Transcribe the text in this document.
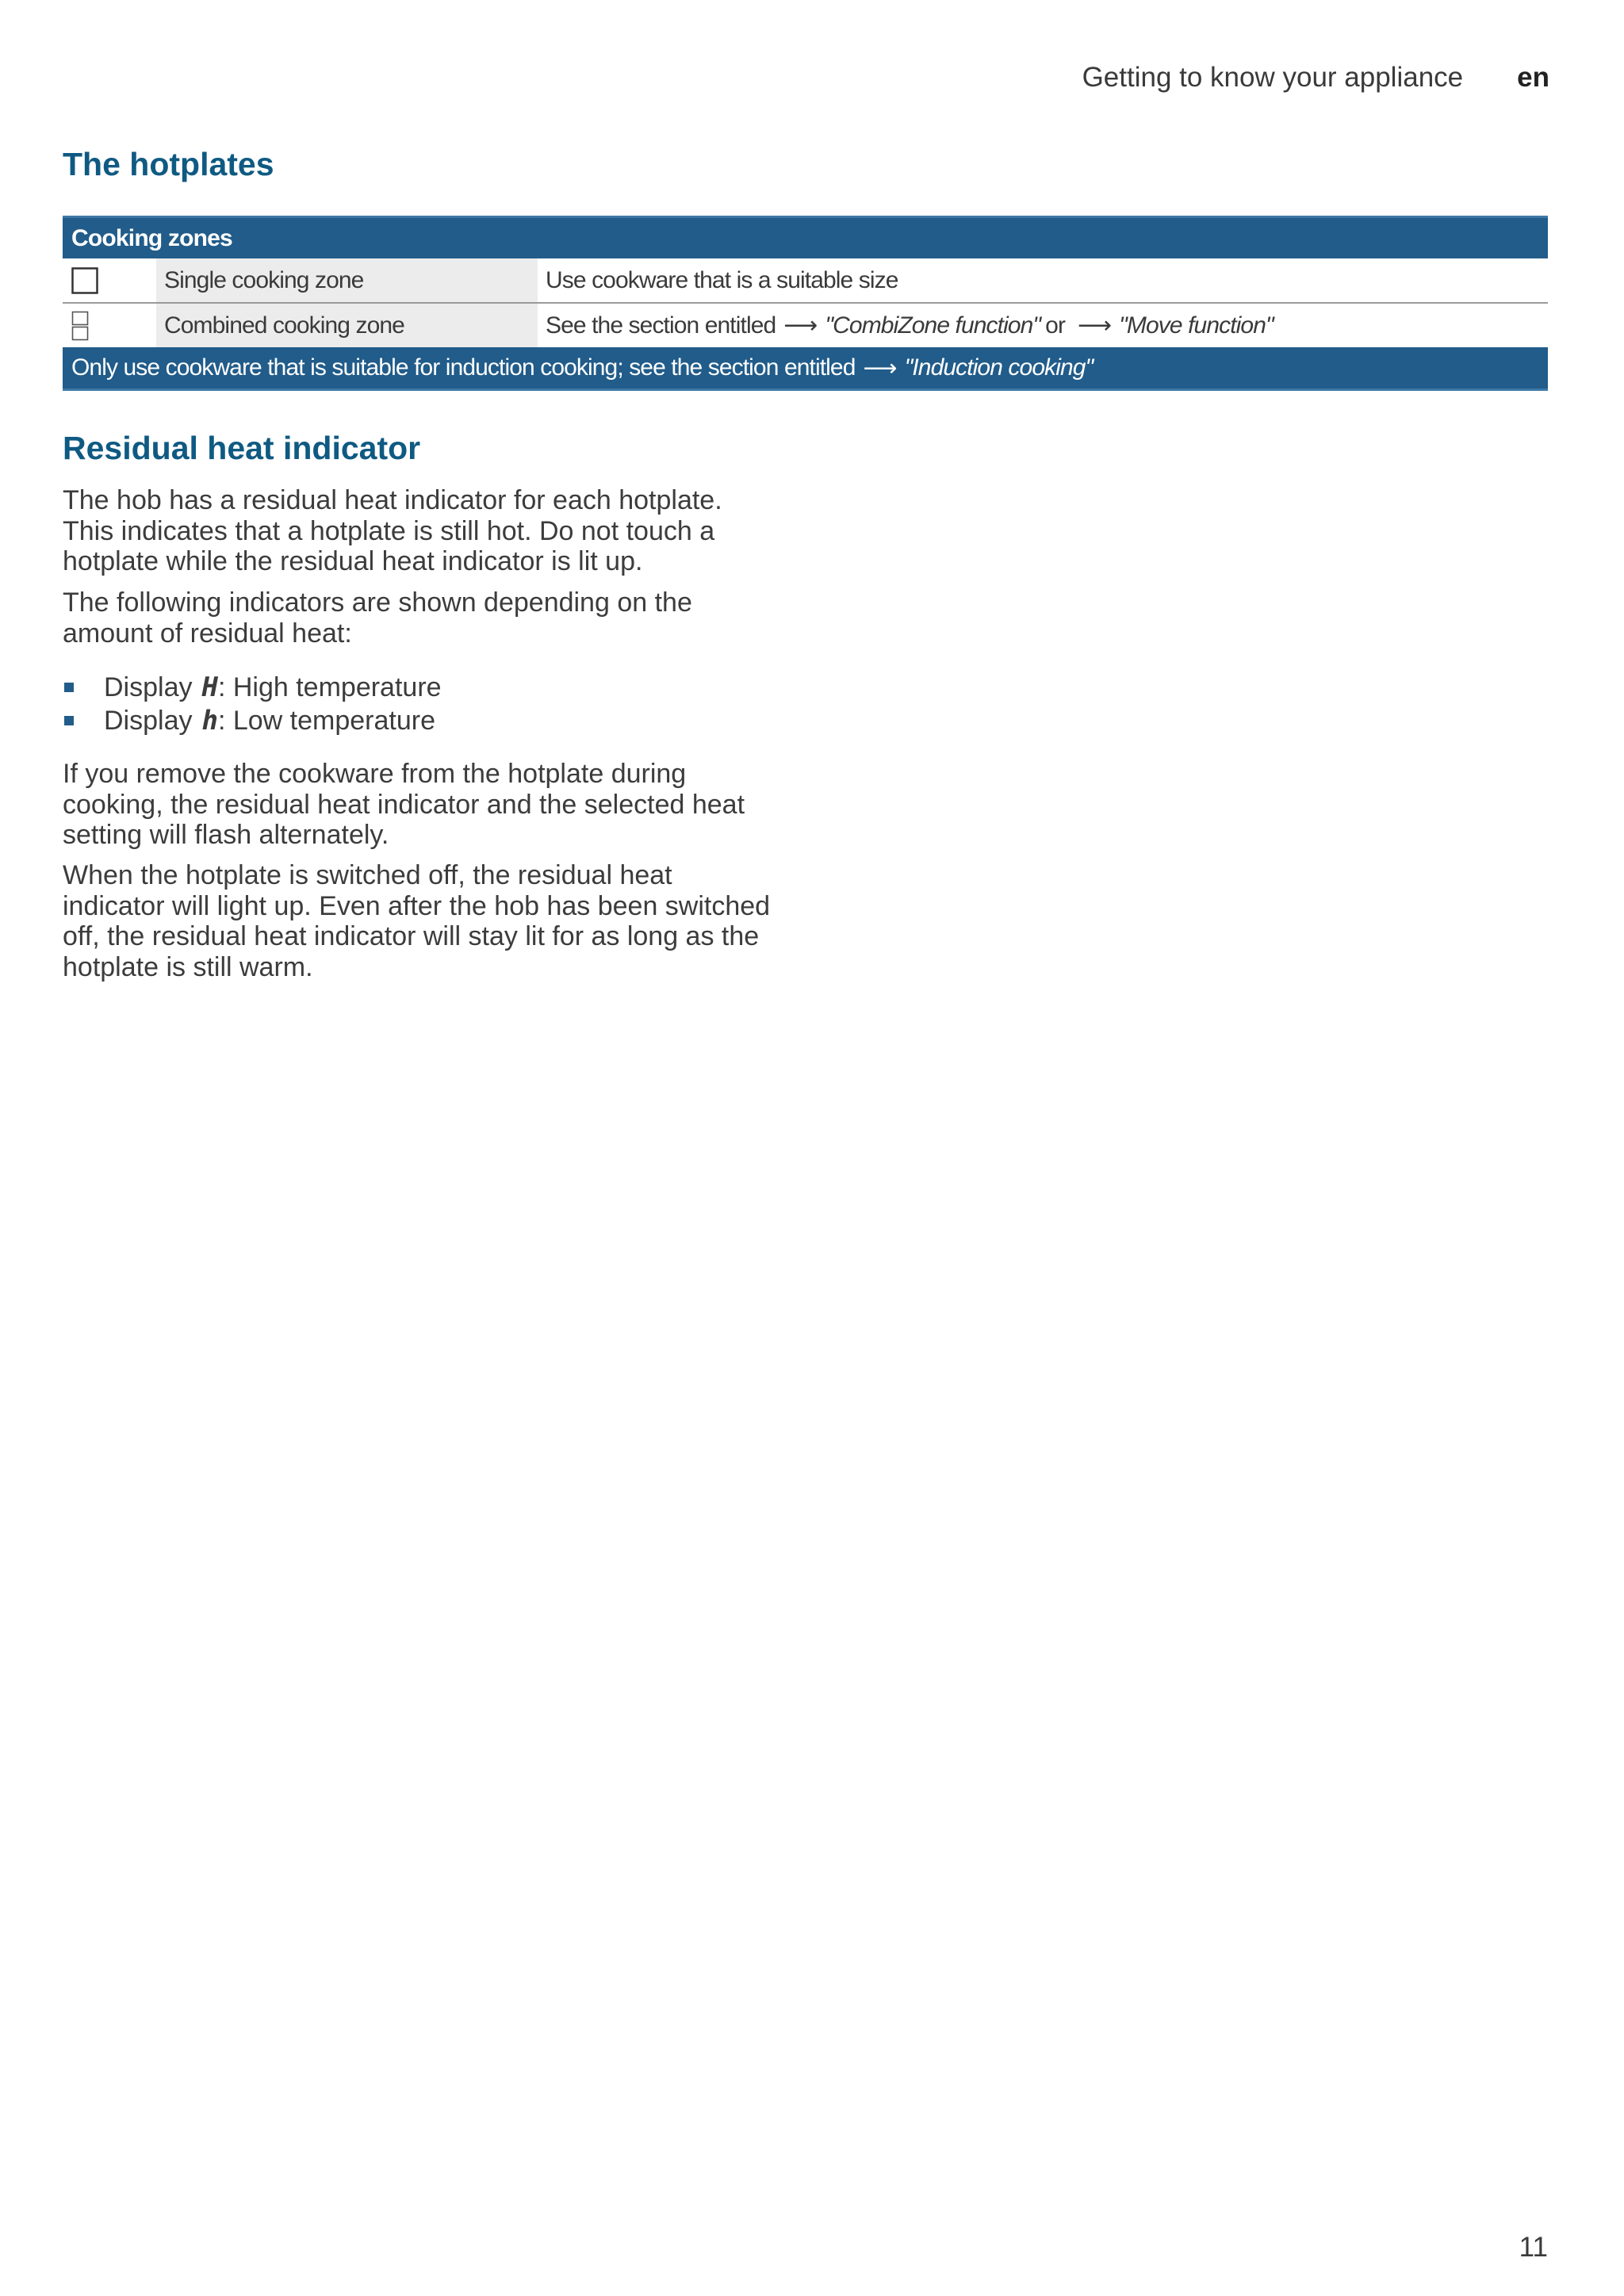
Getting to know your appliance en
The hotplates
Cooking zones
Single cooking zone	Use cookware that is a suitable size
Combined cooking zone	See the section entitled ⟶ "CombiZone function" or ⟶ "Move function"
Only use cookware that is suitable for induction cooking; see the section entitled ⟶ "Induction cooking"
Residual heat indicator

The hob has a residual heat indicator for each hotplate. This indicates that a hotplate is still hot. Do not touch a hotplate while the residual heat indicator is lit up.

The following indicators are shown depending on the amount of residual heat:

Display H : High temperature
Display h : Low temperature

If you remove the cookware from the hotplate during cooking, the residual heat indicator and the selected heat setting will flash alternately.

When the hotplate is switched off, the residual heat indicator will light up. Even after the hob has been switched off, the residual heat indicator will stay lit for as long as the hotplate is still warm.

11
